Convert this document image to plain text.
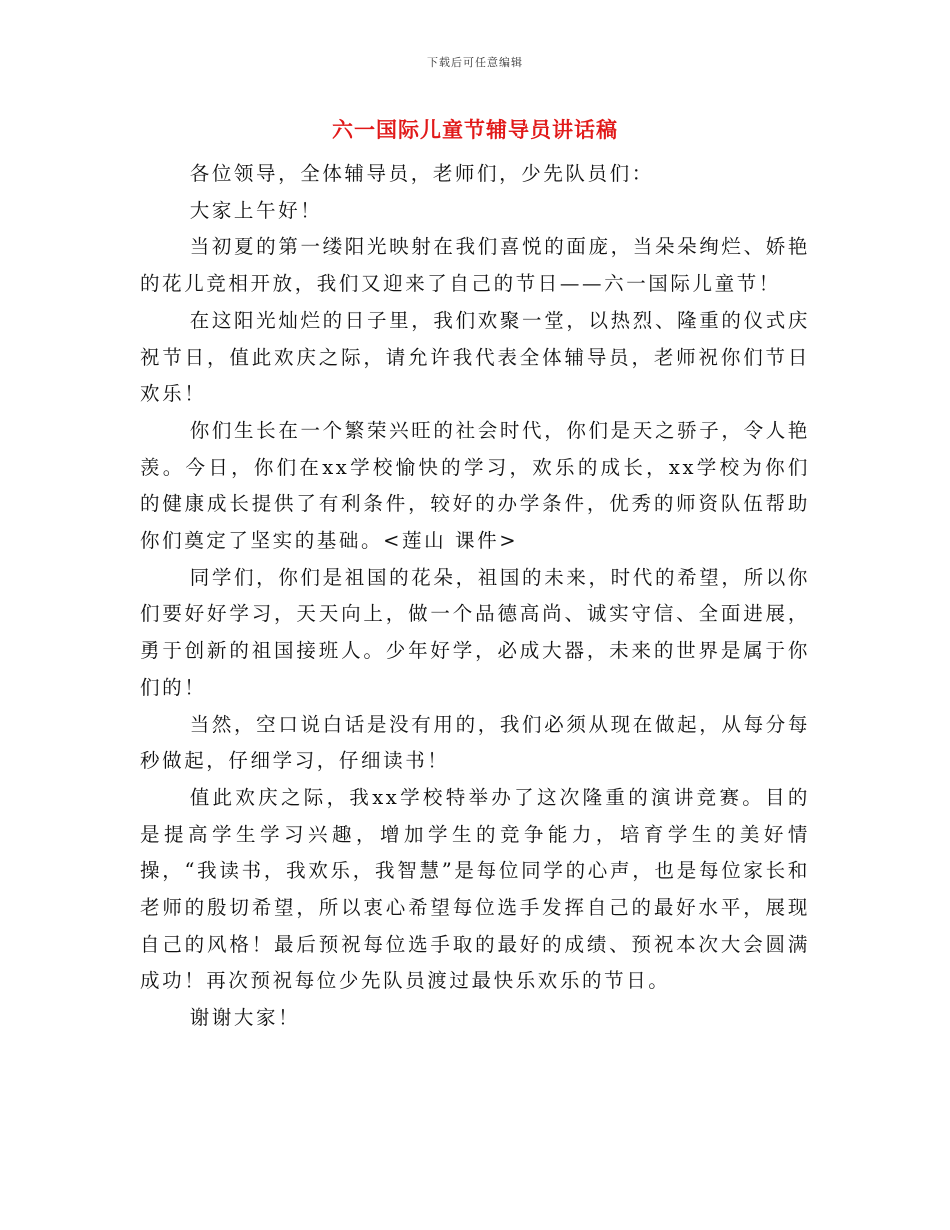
下载后可任意编辑
六一国际儿童节辅导员讲话稿

各位领导，全体辅导员，老师们，少先队员们：

大家上午好！

当初夏的第一缕阳光映射在我们喜悦的面庞，当朵朵绚烂、娇艳的花儿竞相开放，我们又迎来了自己的节日——六一国际儿童节！

在这阳光灿烂的日子里，我们欢聚一堂，以热烈、隆重的仪式庆祝节日，值此欢庆之际，请允许我代表全体辅导员，老师祝你们节日欢乐！

你们生长在一个繁荣兴旺的社会时代，你们是天之骄子，令人艳羡。今日，你们在xx学校愉快的学习，欢乐的成长，xx学校为你们的健康成长提供了有利条件，较好的办学条件，优秀的师资队伍帮助你们奠定了坚实的基础。<莲山 课件>

同学们，你们是祖国的花朵，祖国的未来，时代的希望，所以你们要好好学习，天天向上，做一个品德高尚、诚实守信、全面进展，勇于创新的祖国接班人。少年好学，必成大器，未来的世界是属于你们的！

当然，空口说白话是没有用的，我们必须从现在做起，从每分每秒做起，仔细学习，仔细读书！

值此欢庆之际，我xx学校特举办了这次隆重的演讲竞赛。目的是提高学生学习兴趣，增加学生的竞争能力，培育学生的美好情操，“我读书，我欢乐，我智慧”是每位同学的心声，也是每位家长和老师的殷切希望，所以衷心希望每位选手发挥自己的最好水平，展现自己的风格！最后预祝每位选手取的最好的成绩、预祝本次大会圆满成功！再次预祝每位少先队员渡过最快乐欢乐的节日。

谢谢大家！
